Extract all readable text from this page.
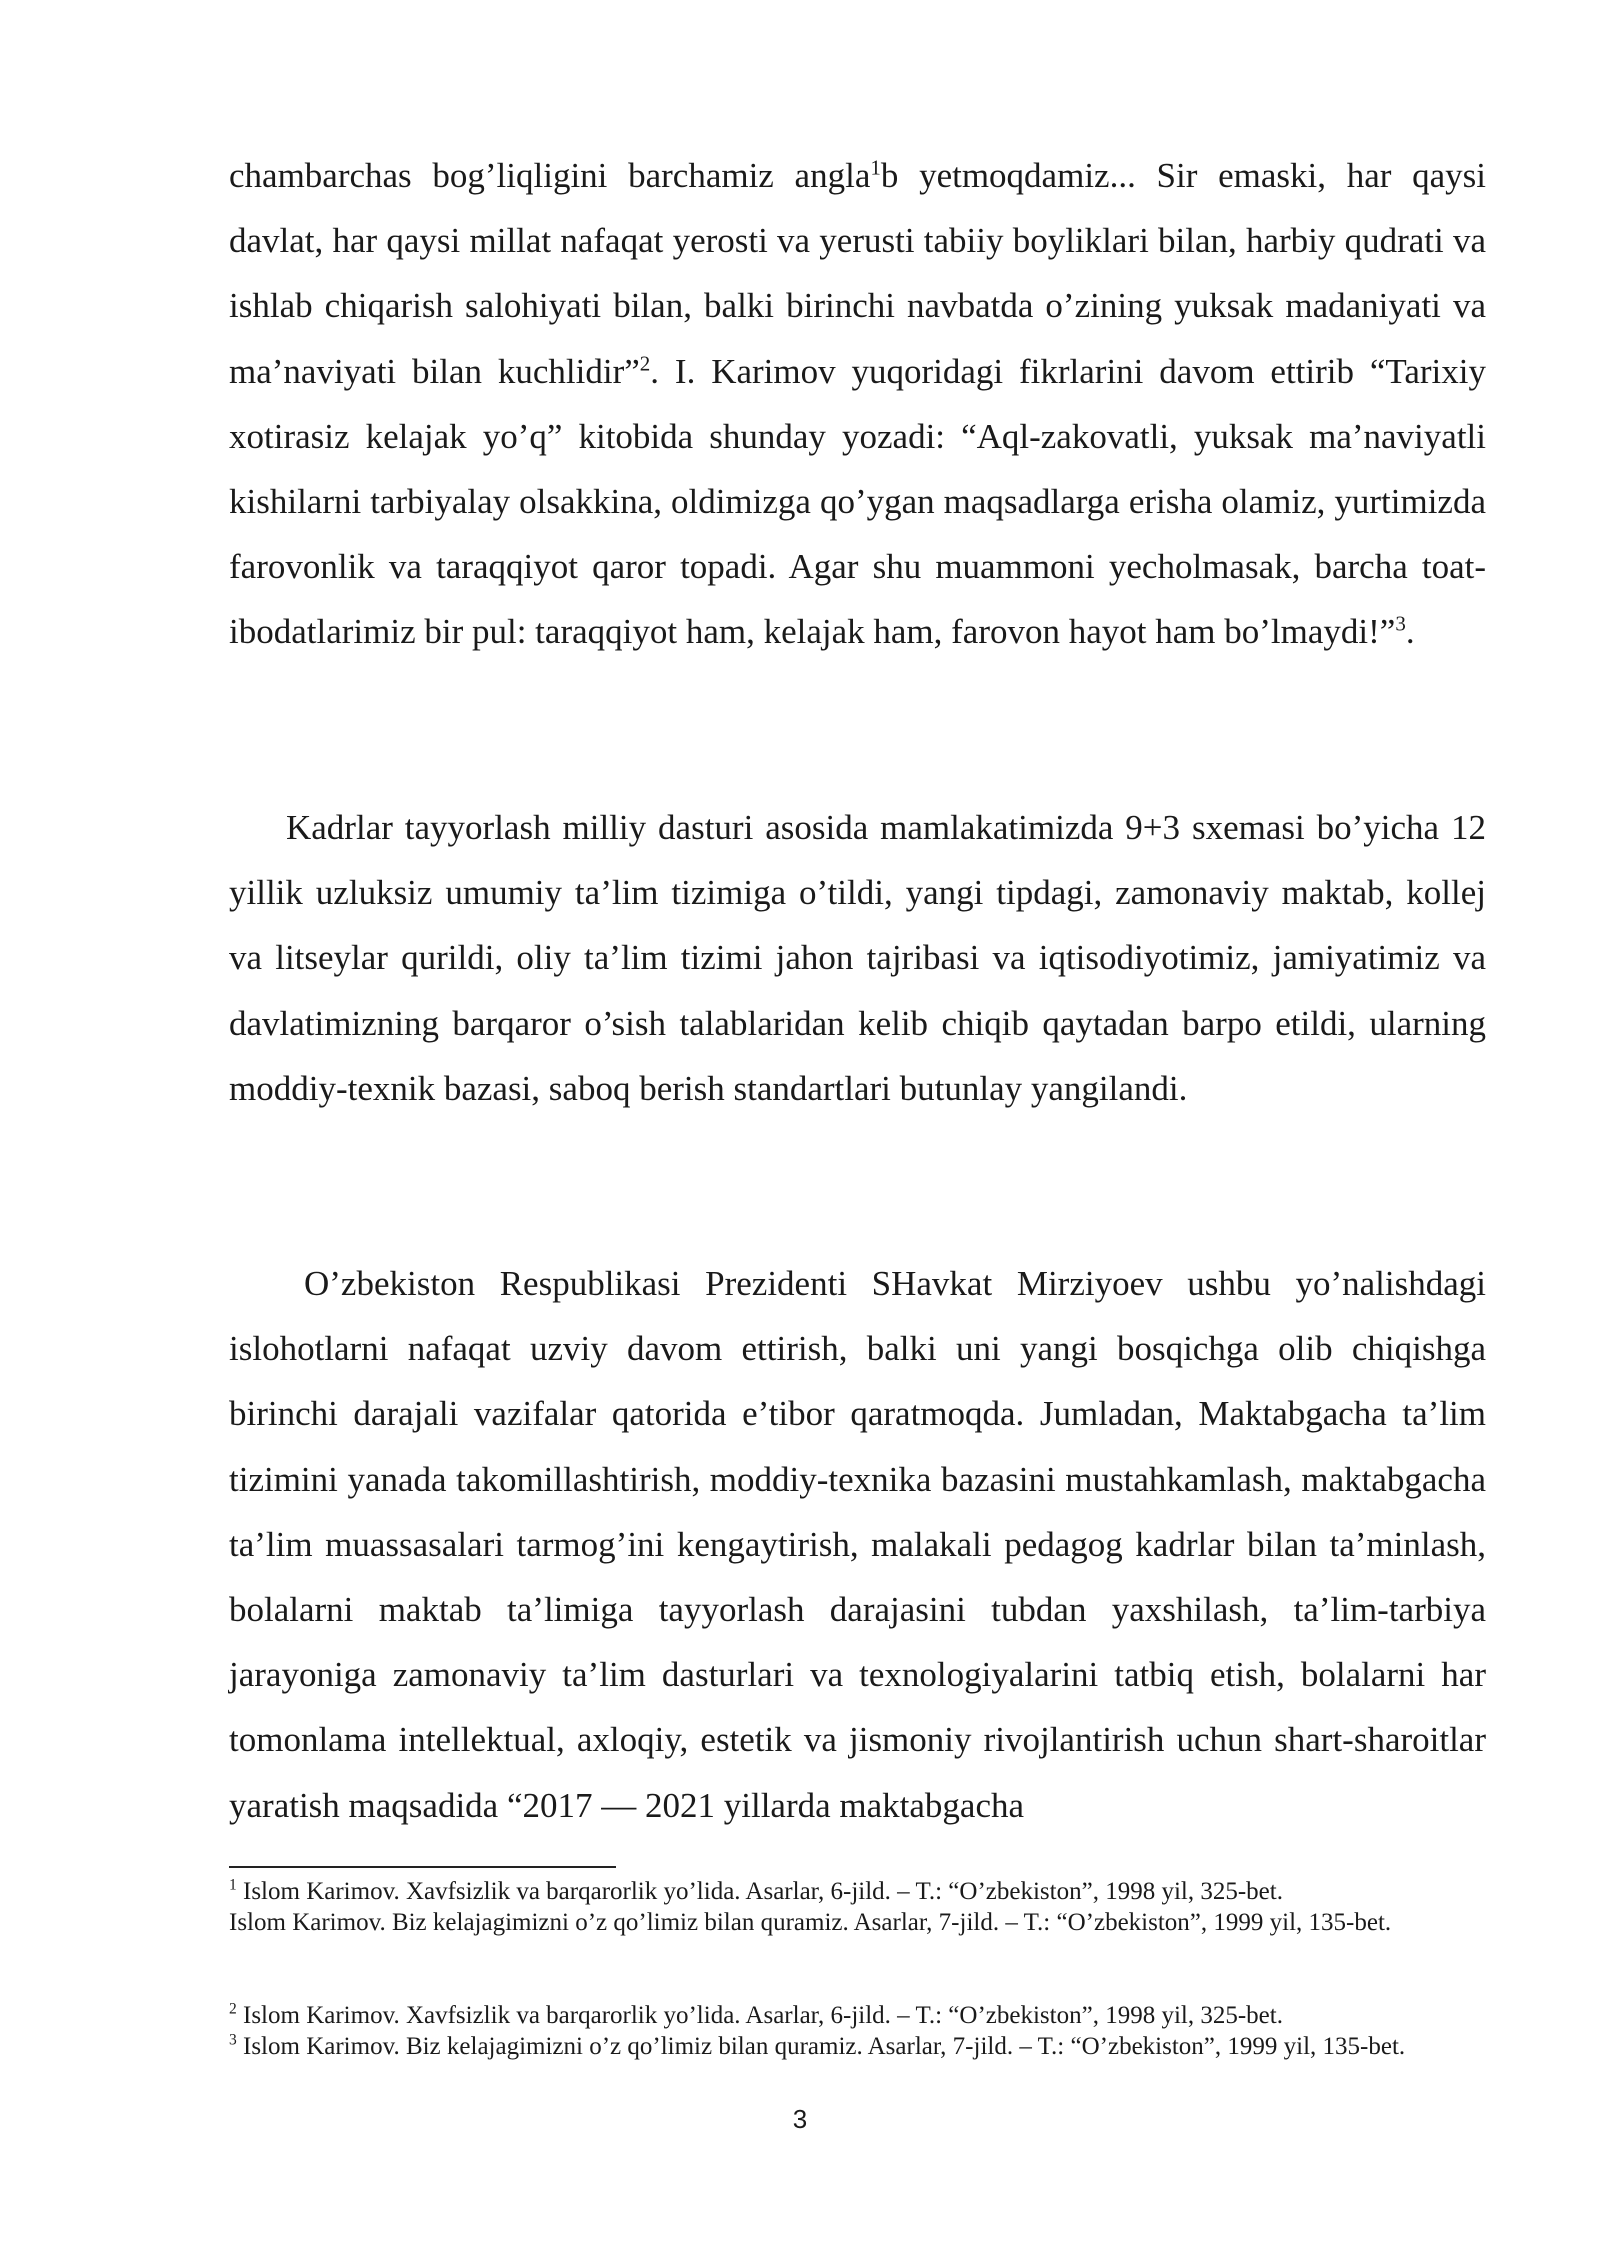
chambarchas bog’liqligini barchamiz angla$^1$b yetmoqdamiz... Sir emaski, har qaysi davlat, har qaysi millat nafaqat yerosti va yerusti tabiiy boyliklari bilan, harbiy qudrati va ishlab chiqarish salohiyati bilan, balki birinchi navbatda o’zining yuksak madaniyati va ma’naviyati bilan kuchlidir”$^2$. I. Karimov yuqoridagi fikrlarini davom ettirib “Tarixiy xotirasiz kelajak yo’q” kitobida shunday yozadi: “Aql-zakovatli, yuksak ma’naviyatli kishilarni tarbiyalay olsakkina, oldimizga qo’ygan maqsadlarga erisha olamiz, yurtimizda farovonlik va taraqqiyot qaror topadi. Agar shu muammoni yecholmasak, barcha toat-ibodatlarimiz bir pul: taraqqiyot ham, kelajak ham, farovon hayot ham bo’lmaydi!”$^3$.

Kadrlar tayyorlash milliy dasturi asosida mamlakatimizda 9+3 sxemasi bo’yicha 12 yillik uzluksiz umumiy ta’lim tizimiga o’tildi, yangi tipdagi, zamonaviy maktab, kollej va litseylar qurildi, oliy ta’lim tizimi jahon tajribasi va iqtisodiyotimiz, jamiyatimiz va davlatimizning barqaror o’sish talablaridan kelib chiqib qaytadan barpo etildi, ularning moddiy-texnik bazasi, saboq berish standartlari butunlay yangilandi.

O’zbekiston Respublikasi Prezidenti SHavkat Mirziyoev ushbu yo’nalishdagi islohotlarni nafaqat uzviy davom ettirish, balki uni yangi bosqichga olib chiqishga birinchi darajali vazifalar qatorida e’tibor qaratmoqda. Jumladan, Maktabgacha ta’lim tizimini yanada takomillashtirish, moddiy-texnika bazasini mustahkamlash, maktabgacha ta’lim muassasalari tarmog’ini kengaytirish, malakali pedagog kadrlar bilan ta’minlash, bolalarni maktab ta’limiga tayyorlash darajasini tubdan yaxshilash, ta’lim-tarbiya jarayoniga zamonaviy ta’lim dasturlari va texnologiyalarini tatbiq etish, bolalarni har tomonlama intellektual, axloqiy, estetik va jismoniy rivojlantirish uchun shart-sharoitlar yaratish maqsadida “2017 — 2021 yillarda maktabgacha

$^1$ Islom Karimov. Xavfsizlik va barqarorlik yo’lida. Asarlar, 6-jild. – T.: “O’zbekiston”, 1998 yil, 325-bet.

Islom Karimov. Biz kelajagimizni o’z qo’limiz bilan quramiz. Asarlar, 7-jild. – T.: “O’zbekiston”, 1999 yil, 135-bet.

$^2$ Islom Karimov. Xavfsizlik va barqarorlik yo’lida. Asarlar, 6-jild. – T.: “O’zbekiston”, 1998 yil, 325-bet.

$^3$ Islom Karimov. Biz kelajagimizni o’z qo’limiz bilan quramiz. Asarlar, 7-jild. – T.: “O’zbekiston”, 1999 yil, 135-bet.

3
